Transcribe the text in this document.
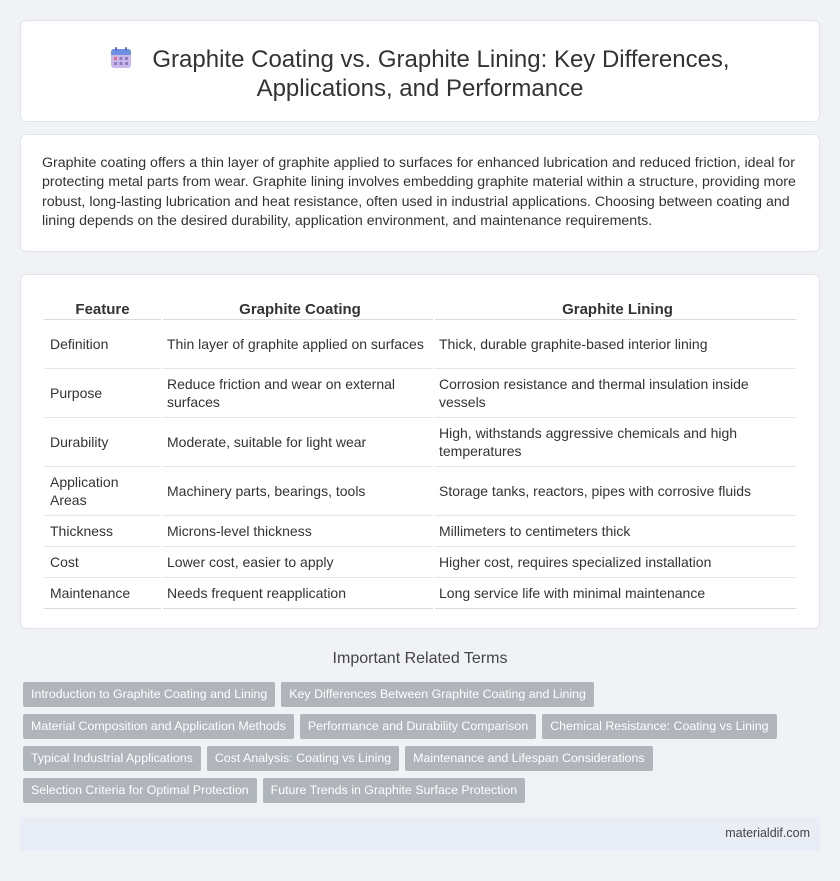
Graphite Coating vs. Graphite Lining: Key Differences,
Applications, and Performance

Graphite coating offers a thin layer of graphite applied to surfaces for enhanced lubrication and reduced friction, ideal for protecting metal parts from wear. Graphite lining involves embedding graphite material within a structure, providing more robust, long-lasting lubrication and heat resistance, often used in industrial applications. Choosing between coating and lining depends on the desired durability, application environment, and maintenance requirements.

Feature	Graphite Coating	Graphite Lining
Definition	Thin layer of graphite applied on surfaces	Thick, durable graphite-based interior lining
Purpose	Reduce friction and wear on external surfaces	Corrosion resistance and thermal insulation inside vessels
Durability	Moderate, suitable for light wear	High, withstands aggressive chemicals and high temperatures
Application Areas	Machinery parts, bearings, tools	Storage tanks, reactors, pipes with corrosive fluids
Thickness	Microns-level thickness	Millimeters to centimeters thick
Cost	Lower cost, easier to apply	Higher cost, requires specialized installation
Maintenance	Needs frequent reapplication	Long service life with minimal maintenance
Important Related Terms
Introduction to Graphite Coating and Lining Key Differences Between Graphite Coating and Lining
Material Composition and Application Methods Performance and Durability Comparison Chemical Resistance: Coating vs Lining
Typical Industrial Applications Cost Analysis: Coating vs Lining Maintenance and Lifespan Considerations
Selection Criteria for Optimal Protection Future Trends in Graphite Surface Protection
materialdif.com
